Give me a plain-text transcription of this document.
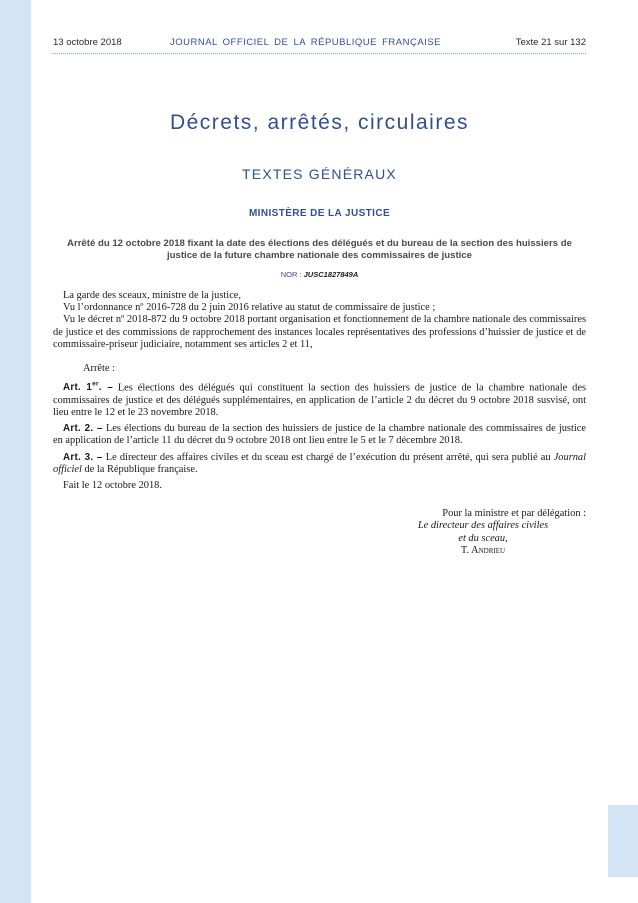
13 octobre 2018	JOURNAL OFFICIEL DE LA RÉPUBLIQUE FRANÇAISE	Texte 21 sur 132
Décrets, arrêtés, circulaires
TEXTES GÉNÉRAUX
MINISTÈRE DE LA JUSTICE
Arrêté du 12 octobre 2018 fixant la date des élections des délégués et du bureau de la section des huissiers de justice de la future chambre nationale des commissaires de justice
NOR : JUSC1827849A

La garde des sceaux, ministre de la justice,

Vu l’ordonnance nº 2016-728 du 2 juin 2016 relative au statut de commissaire de justice ;

Vu le décret nº 2018-872 du 9 octobre 2018 portant organisation et fonctionnement de la chambre nationale des commissaires de justice et des commissions de rapprochement des instances locales représentatives des professions d’huissier de justice et de commissaire-priseur judiciaire, notamment ses articles 2 et 11,

Arrête :

Art. 1er. – Les élections des délégués qui constituent la section des huissiers de justice de la chambre nationale des commissaires de justice et des délégués supplémentaires, en application de l’article 2 du décret du 9 octobre 2018 susvisé, ont lieu entre le 12 et le 23 novembre 2018.

Art. 2. – Les élections du bureau de la section des huissiers de justice de la chambre nationale des commissaires de justice en application de l’article 11 du décret du 9 octobre 2018 ont lieu entre le 5 et le 7 décembre 2018.

Art. 3. – Le directeur des affaires civiles et du sceau est chargé de l’exécution du présent arrêté, qui sera publié au Journal officiel de la République française.

Fait le 12 octobre 2018.

Pour la ministre et par délégation :
Le directeur des affaires civiles
et du sceau,
T. Andrieu
